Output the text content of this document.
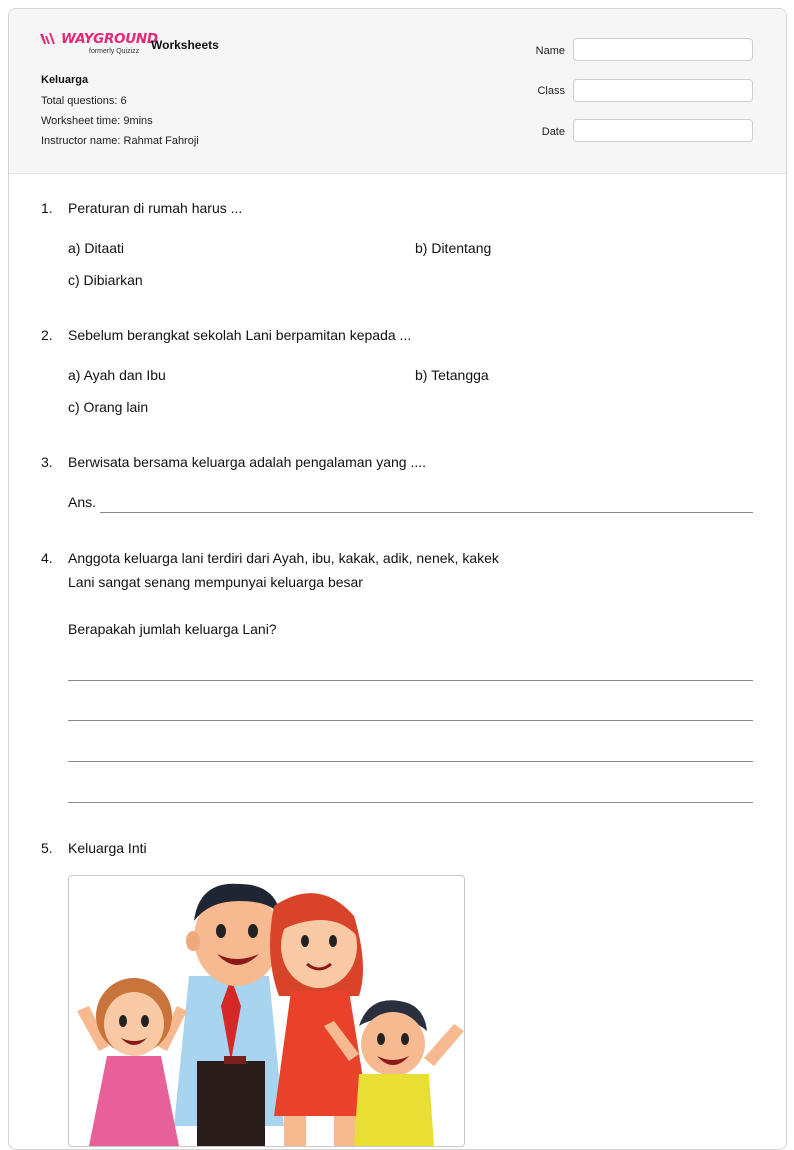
WAYGROUND
formerly Quizizz Worksheets
Keluarga
Total questions: 6
Worksheet time: 9mins
Instructor name: Rahmat Fahroji
Name
Class
Date
1. Peraturan di rumah harus ...
a) Ditaati	b) Ditentang
c) Dibiarkan
2. Sebelum berangkat sekolah Lani berpamitan kepada ...
a) Ayah dan Ibu	b) Tetangga
c) Orang lain
3. Berwisata bersama keluarga adalah pengalaman yang ....
Ans.
4. Anggota keluarga lani terdiri dari Ayah, ibu, kakak, adik, nenek, kakek
Lani sangat senang mempunyai keluarga besar
Berapakah jumlah keluarga Lani?
5. Keluarga Inti
